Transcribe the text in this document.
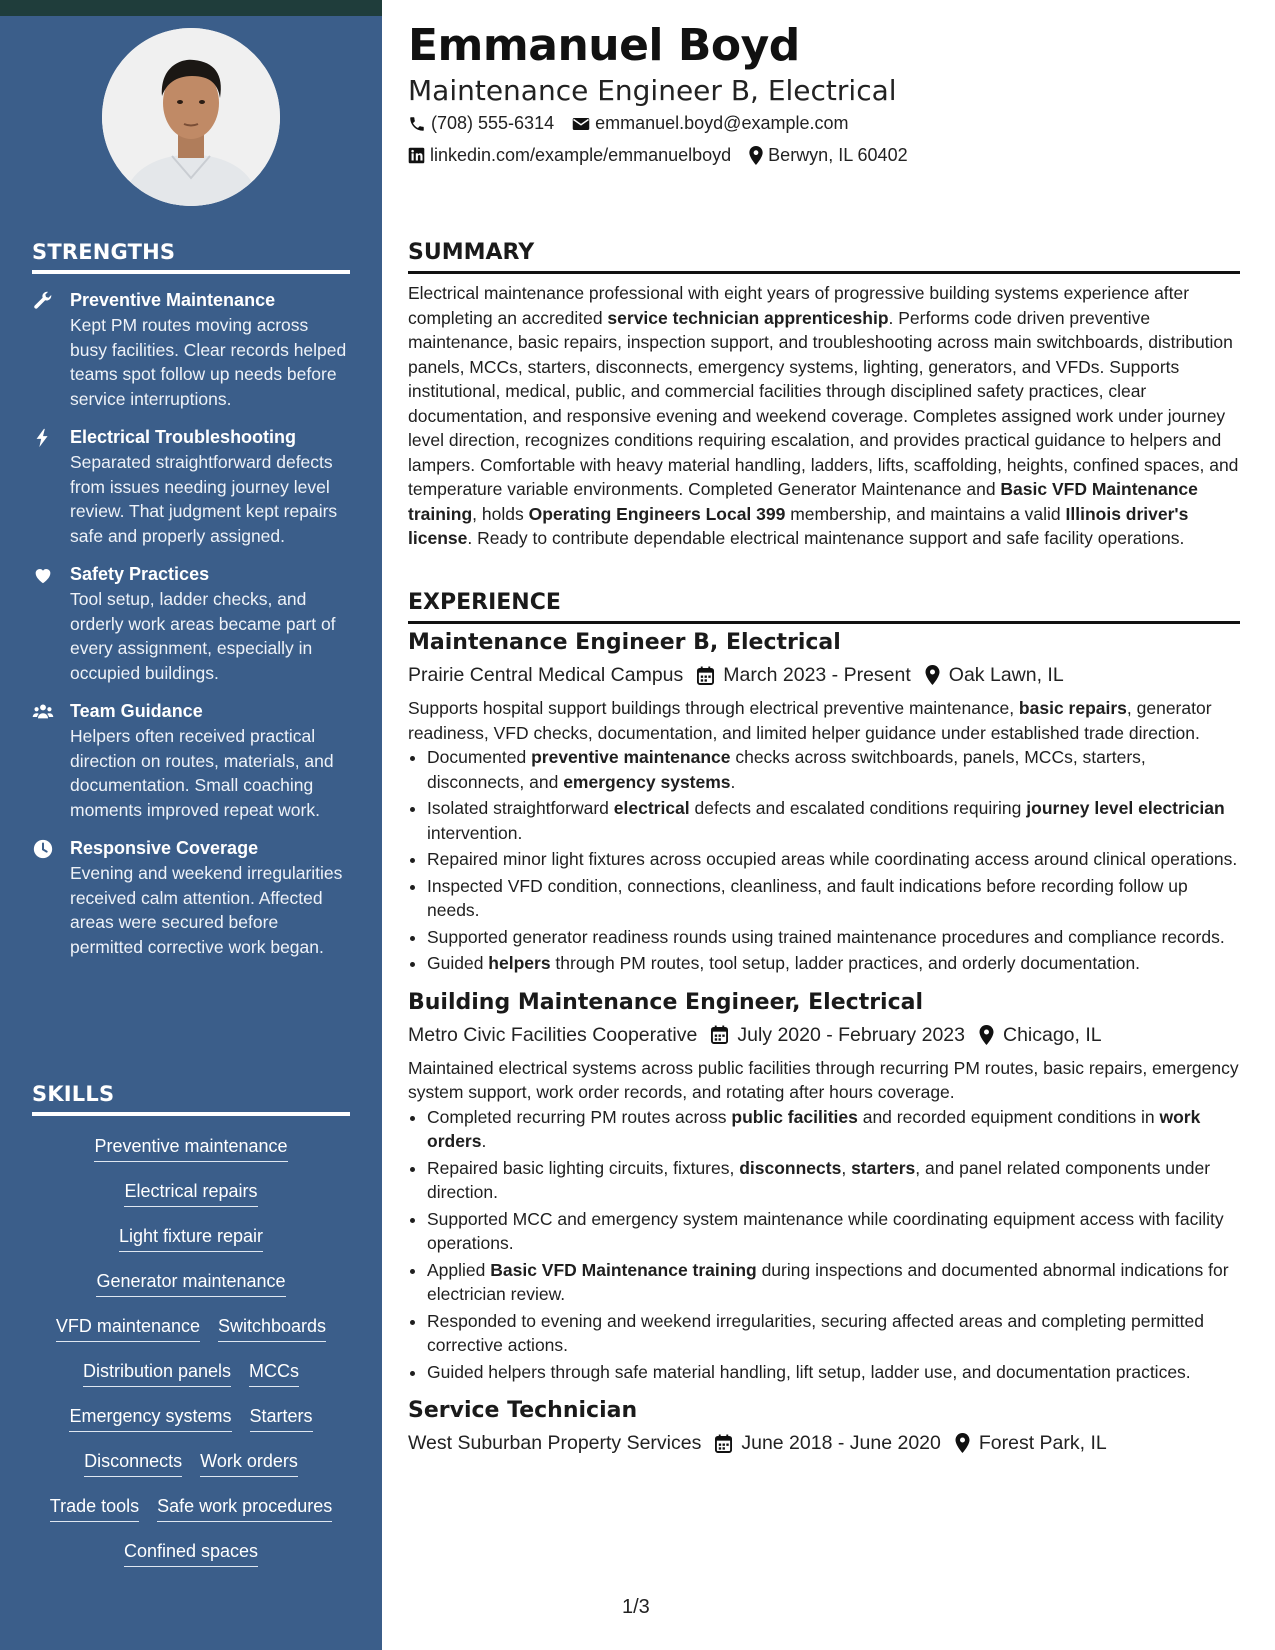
STRENGTHS
Preventive Maintenance
Kept PM routes moving across busy facilities. Clear records helped teams spot follow up needs before service interruptions.
Electrical Troubleshooting
Separated straightforward defects from issues needing journey level review. That judgment kept repairs safe and properly assigned.
Safety Practices
Tool setup, ladder checks, and orderly work areas became part of every assignment, especially in occupied buildings.
Team Guidance
Helpers often received practical direction on routes, materials, and documentation. Small coaching moments improved repeat work.
Responsive Coverage
Evening and weekend irregularities received calm attention. Affected areas were secured before permitted corrective work began.
SKILLS
Preventive maintenance
Electrical repairs
Light fixture repair
Generator maintenance
VFD maintenance Switchboards
Distribution panels MCCs
Emergency systems Starters
Disconnects Work orders
Trade tools Safe work procedures
Confined spaces
Emmanuel Boyd
Maintenance Engineer B, Electrical
(708) 555-6314 emmanuel.boyd@example.com
linkedin.com/example/emmanuelboyd Berwyn, IL 60402
SUMMARY
Electrical maintenance professional with eight years of progressive building systems experience after completing an accredited service technician apprenticeship. Performs code driven preventive maintenance, basic repairs, inspection support, and troubleshooting across main switchboards, distribution panels, MCCs, starters, disconnects, emergency systems, lighting, generators, and VFDs. Supports institutional, medical, public, and commercial facilities through disciplined safety practices, clear documentation, and responsive evening and weekend coverage. Completes assigned work under journey level direction, recognizes conditions requiring escalation, and provides practical guidance to helpers and lampers. Comfortable with heavy material handling, ladders, lifts, scaffolding, heights, confined spaces, and temperature variable environments. Completed Generator Maintenance and Basic VFD Maintenance training, holds Operating Engineers Local 399 membership, and maintains a valid Illinois driver's license. Ready to contribute dependable electrical maintenance support and safe facility operations.
EXPERIENCE
Maintenance Engineer B, Electrical
Prairie Central Medical Campus March 2023 - Present Oak Lawn, IL
Supports hospital support buildings through electrical preventive maintenance, basic repairs, generator readiness, VFD checks, documentation, and limited helper guidance under established trade direction.
• Documented preventive maintenance checks across switchboards, panels, MCCs, starters, disconnects, and emergency systems.
• Isolated straightforward electrical defects and escalated conditions requiring journey level electrician intervention.
• Repaired minor light fixtures across occupied areas while coordinating access around clinical operations.
• Inspected VFD condition, connections, cleanliness, and fault indications before recording follow up needs.
• Supported generator readiness rounds using trained maintenance procedures and compliance records.
• Guided helpers through PM routes, tool setup, ladder practices, and orderly documentation.
Building Maintenance Engineer, Electrical
Metro Civic Facilities Cooperative July 2020 - February 2023 Chicago, IL
Maintained electrical systems across public facilities through recurring PM routes, basic repairs, emergency system support, work order records, and rotating after hours coverage.
• Completed recurring PM routes across public facilities and recorded equipment conditions in work orders.
• Repaired basic lighting circuits, fixtures, disconnects, starters, and panel related components under direction.
• Supported MCC and emergency system maintenance while coordinating equipment access with facility operations.
• Applied Basic VFD Maintenance training during inspections and documented abnormal indications for electrician review.
• Responded to evening and weekend irregularities, securing affected areas and completing permitted corrective actions.
• Guided helpers through safe material handling, lift setup, ladder use, and documentation practices.
Service Technician
West Suburban Property Services June 2018 - June 2020 Forest Park, IL
1/3
